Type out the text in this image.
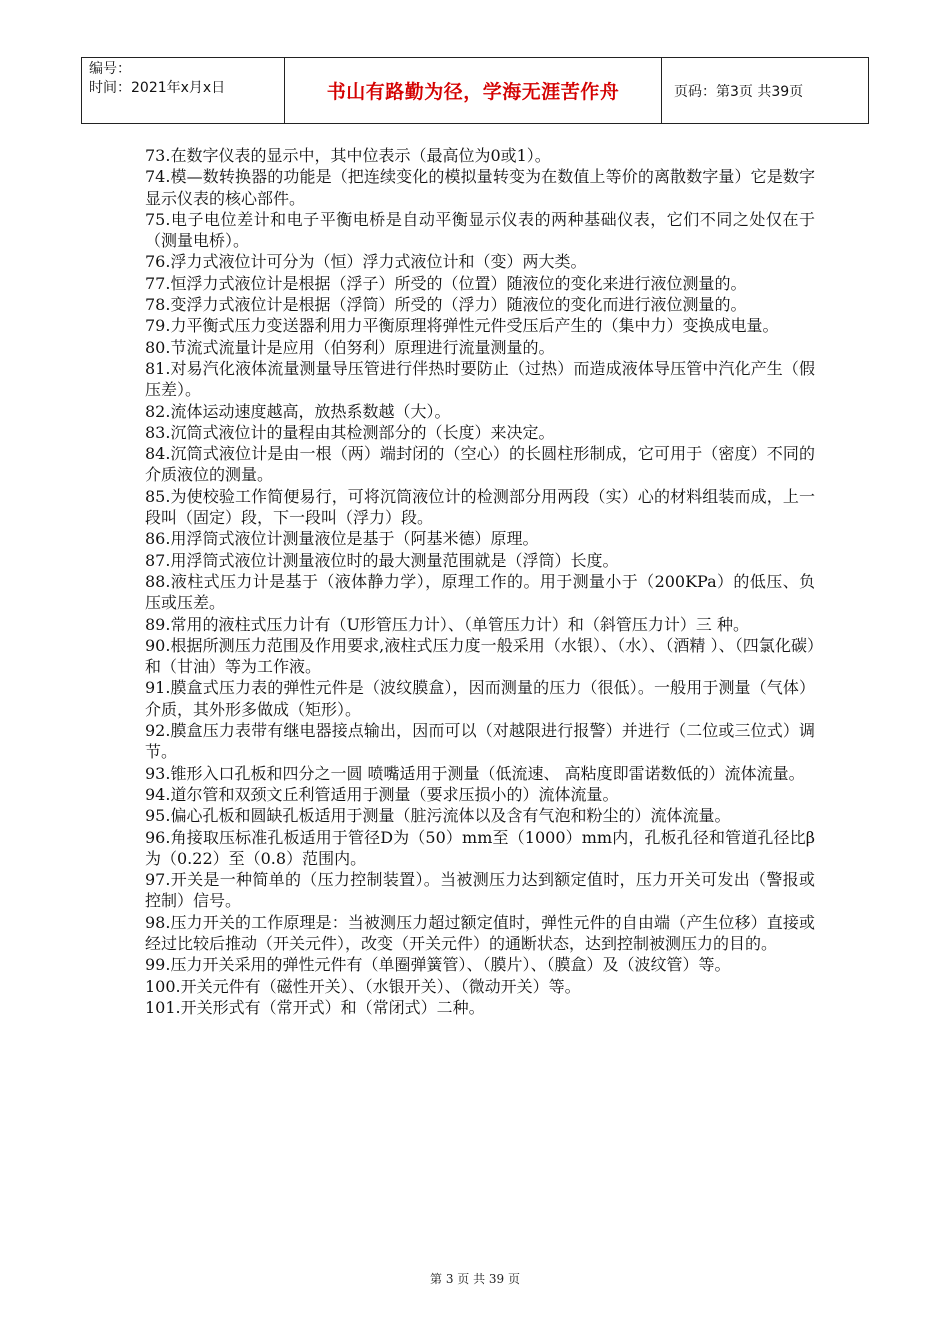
编号：
时间：2021年x月x日	书山有路勤为径，学海无涯苦作舟	页码：第3页 共39页

73.在数字仪表的显示中，其中位表示（最高位为0或1）。

74.模—数转换器的功能是（把连续变化的模拟量转变为在数值上等价的离散数字量）它是数字显示仪表的核心部件。

75.电子电位差计和电子平衡电桥是自动平衡显示仪表的两种基础仪表，它们不同之处仅在于（测量电桥）。

76.浮力式液位计可分为（恒）浮力式液位计和（变）两大类。

77.恒浮力式液位计是根据（浮子）所受的（位置）随液位的变化来进行液位测量的。

78.变浮力式液位计是根据（浮筒）所受的（浮力）随液位的变化而进行液位测量的。

79.力平衡式压力变送器利用力平衡原理将弹性元件受压后产生的（集中力）变换成电量。

80.节流式流量计是应用（伯努利）原理进行流量测量的。

81.对易汽化液体流量测量导压管进行伴热时要防止（过热）而造成液体导压管中汽化产生（假压差）。

82.流体运动速度越高，放热系数越（大）。

83.沉筒式液位计的量程由其检测部分的（长度）来决定。

84.沉筒式液位计是由一根（两）端封闭的（空心）的长圆柱形制成，它可用于（密度）不同的介质液位的测量。

85.为使校验工作简便易行，可将沉筒液位计的检测部分用两段（实）心的材料组装而成，上一段叫（固定）段，下一段叫（浮力）段。

86.用浮筒式液位计测量液位是基于（阿基米德）原理。

87.用浮筒式液位计测量液位时的最大测量范围就是（浮筒）长度。

88.液柱式压力计是基于（液体静力学），原理工作的。用于测量小于（200KPa）的低压、负压或压差。

89.常用的液柱式压力计有（U形管压力计）、（单管压力计）和（斜管压力计）三 种。

90.根据所测压力范围及作用要求,液柱式压力度一般采用（水银）、（水）、（酒精 ）、（四氯化碳）和（甘油）等为工作液。

91.膜盒式压力表的弹性元件是（波纹膜盒），因而测量的压力（很低）。一般用于测量（气体）介质，其外形多做成（矩形）。

92.膜盒压力表带有继电器接点输出，因而可以（对越限进行报警）并进行（二位或三位式）调节。

93.锥形入口孔板和四分之一圆 喷嘴适用于测量（低流速、 高粘度即雷诺数低的）流体流量。

94.道尔管和双颈文丘利管适用于测量（要求压损小的）流体流量。

95.偏心孔板和圆缺孔板适用于测量（脏污流体以及含有气泡和粉尘的）流体流量。

96.角接取压标准孔板适用于管径D为（50）mm至（1000）mm内，孔板孔径和管道孔径比β为（0.22）至（0.8）范围内。

97.开关是一种简单的（压力控制装置）。当被测压力达到额定值时，压力开关可发出（警报或控制）信号。

98.压力开关的工作原理是：当被测压力超过额定值时，弹性元件的自由端（产生位移）直接或经过比较后推动（开关元件），改变（开关元件）的通断状态，达到控制被测压力的目的。

99.压力开关采用的弹性元件有（单圈弹簧管）、（膜片）、（膜盒）及（波纹管）等。

100.开关元件有（磁性开关）、（水银开关）、（微动开关）等。

101.开关形式有（常开式）和（常闭式）二种。

第 3 页 共 39 页
